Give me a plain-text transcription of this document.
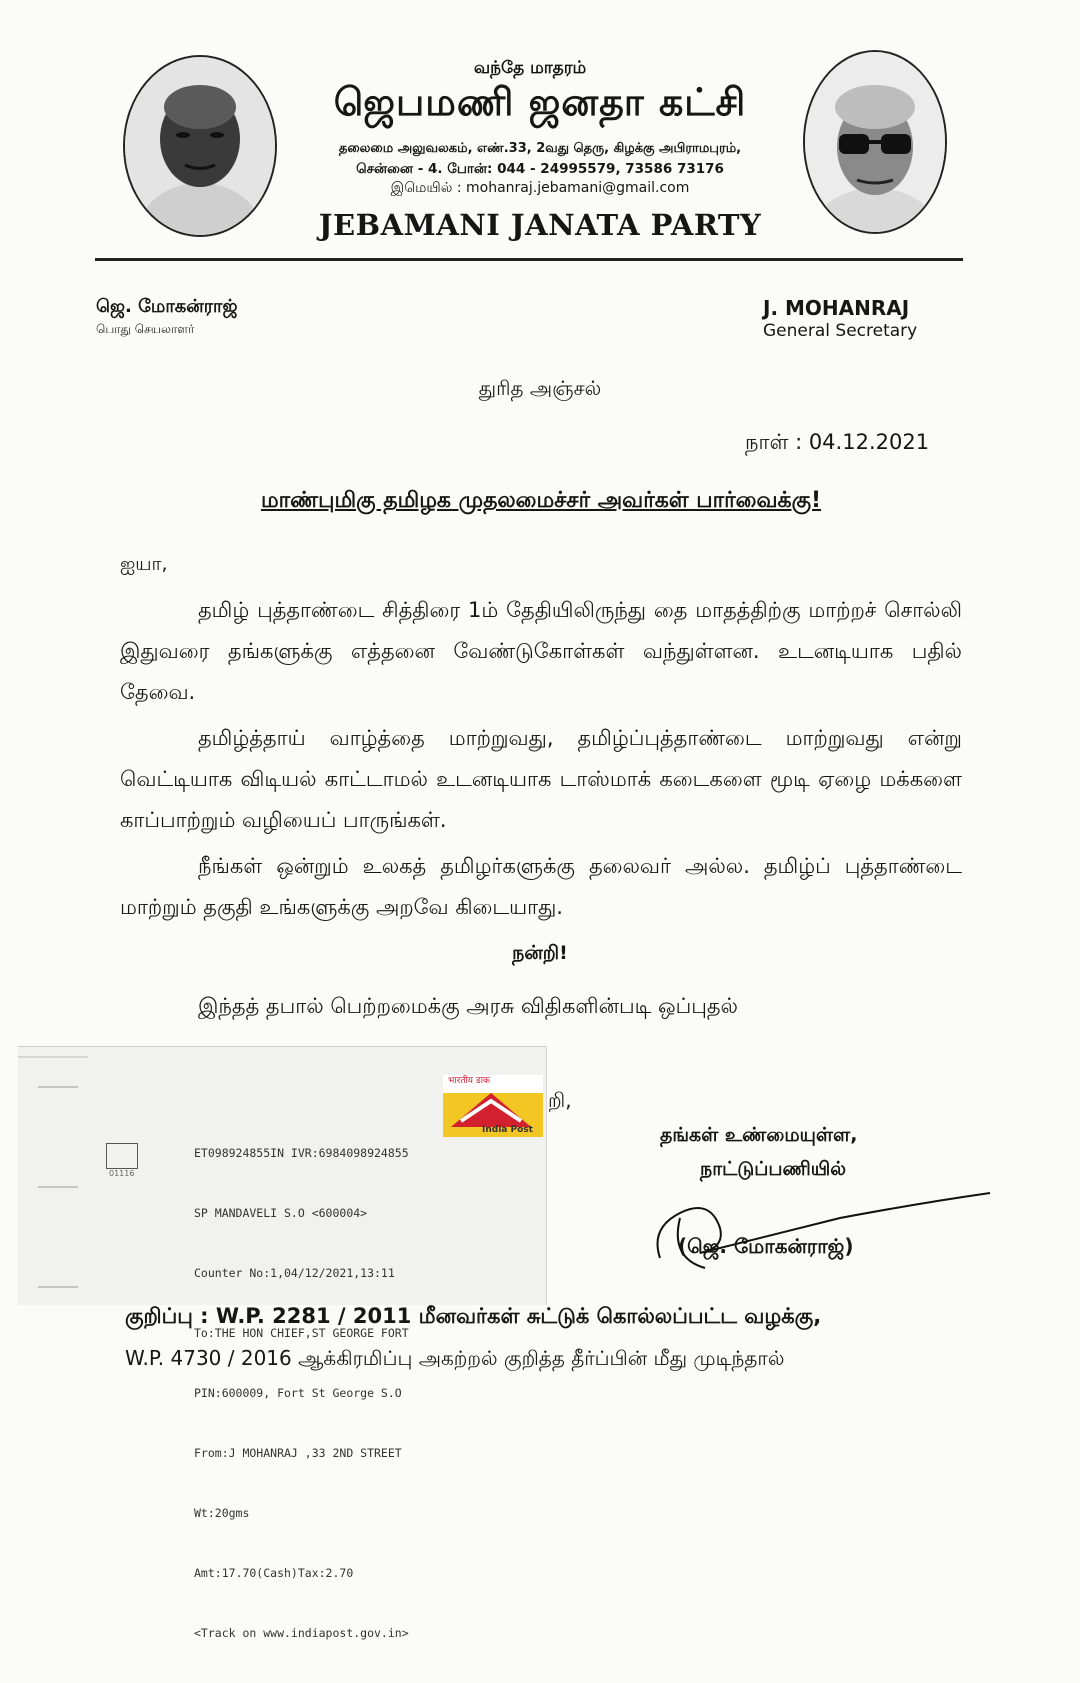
வந்தே மாதரம்
ஜெபமணி ஜனதா கட்சி
தலைமை அலுவலகம், எண்.33, 2வது தெரு, கிழக்கு அபிராமபுரம்,
சென்னை - 4. போன்: 044 - 24995579, 73586 73176
இமெயில் : mohanraj.jebamani@gmail.com
JEBAMANI JANATA PARTY
ஜெ. மோகன்ராஜ்
பொது செயலாளர்
J. MOHANRAJ
General Secretary
துரித அஞ்சல்
நாள் : 04.12.2021
மாண்புமிகு தமிழக முதலமைச்சர் அவர்கள் பார்வைக்கு!
ஐயா,
தமிழ் புத்தாண்டை சித்திரை 1ம் தேதியிலிருந்து தை மாதத்திற்கு மாற்றச் சொல்லி இதுவரை தங்களுக்கு எத்தனை வேண்டுகோள்கள் வந்துள்ளன. உடனடியாக பதில் தேவை.
தமிழ்த்தாய் வாழ்த்தை மாற்றுவது, தமிழ்ப்புத்தாண்டை மாற்றுவது என்று வெட்டியாக விடியல் காட்டாமல் உடனடியாக டாஸ்மாக் கடைகளை மூடி ஏழை மக்களை காப்பாற்றும் வழியைப் பாருங்கள்.
நீங்கள் ஒன்றும் உலகத் தமிழர்களுக்கு தலைவர் அல்ல. தமிழ்ப் புத்தாண்டை மாற்றும் தகுதி உங்களுக்கு அறவே கிடையாது.
நன்றி!
இந்தத் தபால் பெற்றமைக்கு அரசு விதிகளின்படி ஒப்புதல்
றி,
தங்கள் உண்மையுள்ள,
நாட்டுப்பணியில்
(ஜெ. மோகன்ராஜ்)
01116
भारतीय डाक
India Post

ET098924855IN IVR:6984098924855

SP MANDAVELI S.O <600004>

Counter No:1,04/12/2021,13:11

To:THE HON CHIEF,ST GEORGE FORT

PIN:600009, Fort St George S.O

From:J MOHANRAJ ,33 2ND STREET

Wt:20gms

Amt:17.70(Cash)Tax:2.70

<Track on www.indiapost.gov.in>

குறிப்பு : W.P. 2281 / 2011 மீனவர்கள் சுட்டுக் கொல்லப்பட்ட வழக்கு,
W.P. 4730 / 2016 ஆக்கிரமிப்பு அகற்றல் குறித்த தீர்ப்பின் மீது முடிந்தால்
